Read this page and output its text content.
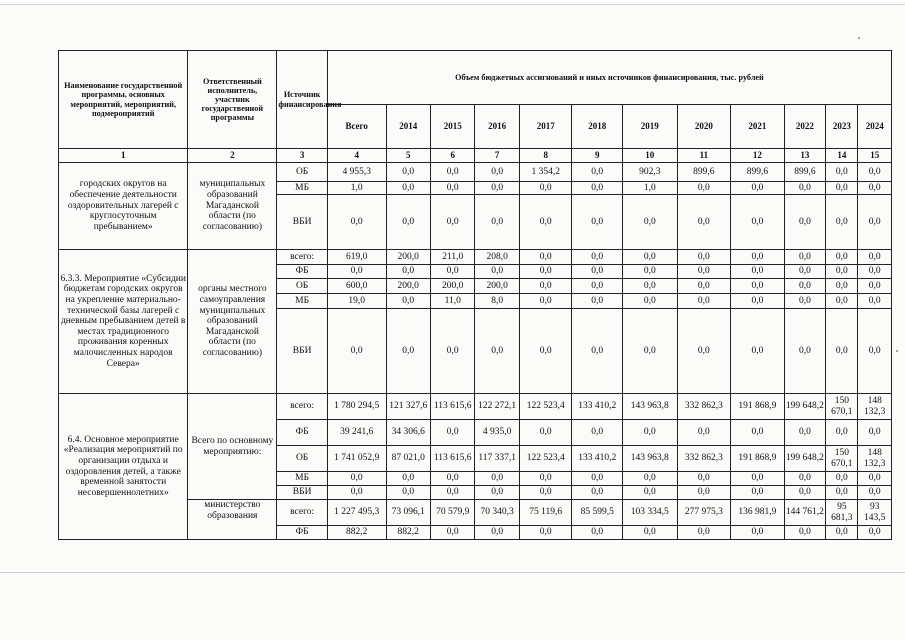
Наименование государственной программы, основных мероприятий, мероприятий, подмероприятий	Ответственный исполнитель, участник государственной программы	Источник финансирования	Объем бюджетных ассигнований и иных источников финансирования, тыс. рублей											
			Всего	2014	2015	2016	2017	2018	2019	2020	2021	2022	2023	2024
1	2	3	4	5	6	7	8	9	10	11	12	13	14	15
городских округов на обеспечение деятельности оздоровительных лагерей с круглосуточным пребыванием»	муниципальных образований Магаданской области (по согласованию)	ОБ	4 955,3	0,0	0,0	0,0	1 354,2	0,0	902,3	899,6	899,6	899,6	0,0	0,0
		МБ	1,0	0,0	0,0	0,0	0,0	0,0	1,0	0,0	0,0	0,0	0,0	0,0
		ВБИ	0,0	0,0	0,0	0,0	0,0	0,0	0,0	0,0	0,0	0,0	0,0	0,0
6.3.3. Мероприятие «Субсидии бюджетам городских округов на укрепление материально-технической базы лагерей с дневным пребыванием детей в местах традиционного проживания коренных малочисленных народов Севера»	органы местного самоуправления муниципальных образований Магаданской области (по согласованию)	всего:	619,0	200,0	211,0	208,0	0,0	0,0	0,0	0,0	0,0	0,0	0,0	0,0
		ФБ	0,0	0,0	0,0	0,0	0,0	0,0	0,0	0,0	0,0	0,0	0,0	0,0
		ОБ	600,0	200,0	200,0	200,0	0,0	0,0	0,0	0,0	0,0	0,0	0,0	0,0
		МБ	19,0	0,0	11,0	8,0	0,0	0,0	0,0	0,0	0,0	0,0	0,0	0,0
		ВБИ	0,0	0,0	0,0	0,0	0,0	0,0	0,0	0,0	0,0	0,0	0,0	0,0
6.4. Основное мероприятие «Реализация мероприятий по организации отдыха и оздоровления детей, а также временной занятости несовершеннолетних»	Всего по основному мероприятию:	всего:	1 780 294,5	121 327,6	113 615,6	122 272,1	122 523,4	133 410,2	143 963,8	332 862,3	191 868,9	199 648,2	150 670,1	148 132,3
		ФБ	39 241,6	34 306,6	0,0	4 935,0	0,0	0,0	0,0	0,0	0,0	0,0	0,0	0,0
		ОБ	1 741 052,9	87 021,0	113 615,6	117 337,1	122 523,4	133 410,2	143 963,8	332 862,3	191 868,9	199 648,2	150 670,1	148 132,3
		МБ	0,0	0,0	0,0	0,0	0,0	0,0	0,0	0,0	0,0	0,0	0,0	0,0
		ВБИ	0,0	0,0	0,0	0,0	0,0	0,0	0,0	0,0	0,0	0,0	0,0	0,0
	министерство образования	всего:	1 227 495,3	73 096,1	70 579,9	70 340,3	75 119,6	85 599,5	103 334,5	277 975,3	136 981,9	144 761,2	95 681,3	93 143,5
		ФБ	882,2	882,2	0,0	0,0	0,0	0,0	0,0	0,0	0,0	0,0	0,0	0,0
